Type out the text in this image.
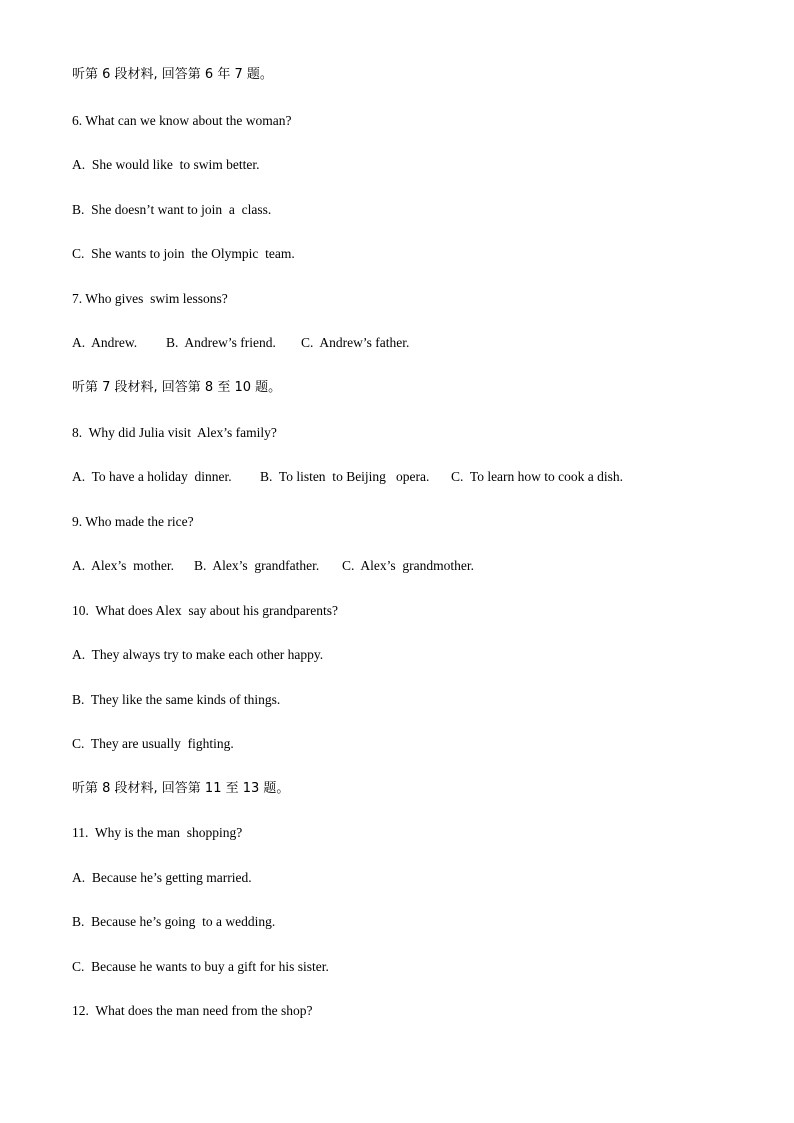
听第 6 段材料, 回答第 6 年 7 题。

6. What can we know about the woman?

A.  She would like  to swim better.

B.  She doesn’t want to join  a  class.

C.  She wants to join  the Olympic  team.

7. Who gives  swim lessons?

A.  Andrew.

B.  Andrew’s friend.

C.  Andrew’s father.

听第 7 段材料, 回答第 8 至 10 题。

8.  Why did Julia visit  Alex’s family?

A.  To have a holiday  dinner.

B.  To listen  to Beijing   opera.

C.  To learn how to cook a dish.

9. Who made the rice?

A.  Alex’s  mother.

B.  Alex’s  grandfather.

C.  Alex’s  grandmother.

10.  What does Alex  say about his grandparents?

A.  They always try to make each other happy.

B.  They like the same kinds of things.

C.  They are usually  fighting.

听第 8 段材料, 回答第 11 至 13 题。

11.  Why is the man  shopping?

A.  Because he’s getting married.

B.  Because he’s going  to a wedding.

C.  Because he wants to buy a gift for his sister.

12.  What does the man need from the shop?
